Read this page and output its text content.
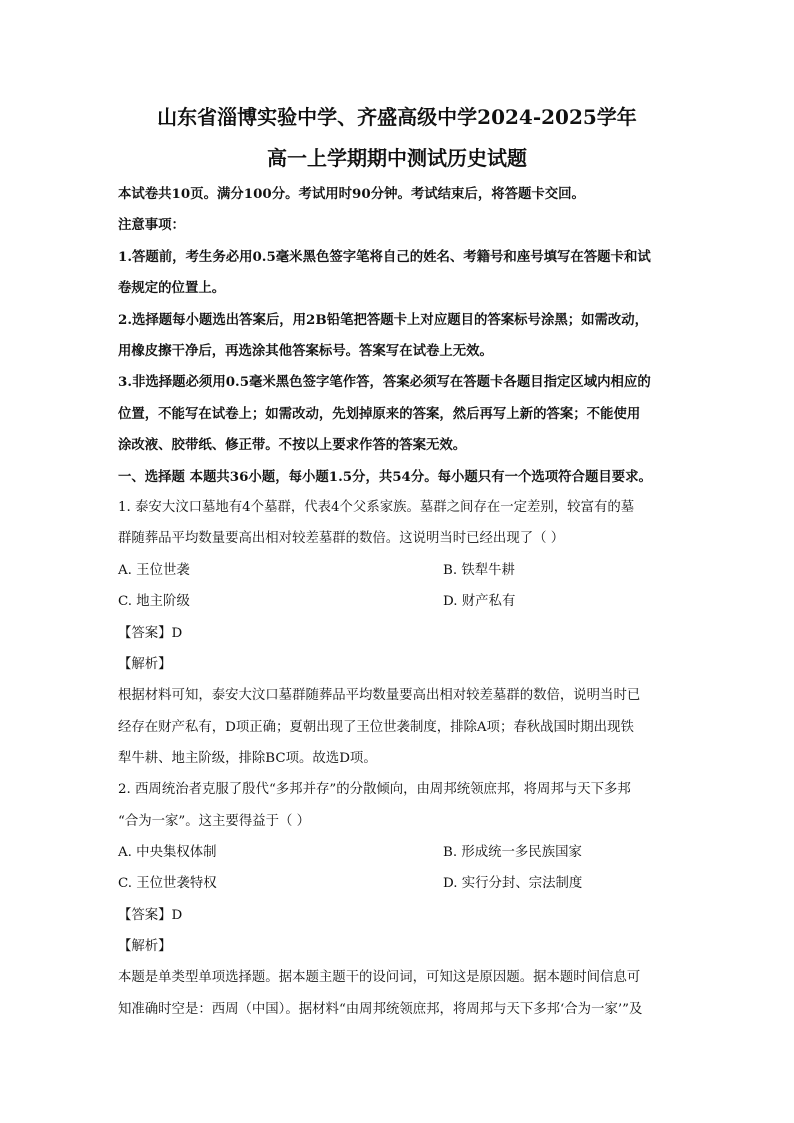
山东省淄博实验中学、齐盛高级中学2024-2025学年
高一上学期期中测试历史试题
本试卷共10页。满分100分。考试用时90分钟。考试结束后，将答题卡交回。
注意事项：
1.答题前，考生务必用0.5毫米黑色签字笔将自己的姓名、考籍号和座号填写在答题卡和试
卷规定的位置上。
2.选择题每小题选出答案后，用2B铅笔把答题卡上对应题目的答案标号涂黑；如需改动，
用橡皮擦干净后，再选涂其他答案标号。答案写在试卷上无效。
3.非选择题必须用0.5毫米黑色签字笔作答，答案必须写在答题卡各题目指定区域内相应的
位置，不能写在试卷上；如需改动，先划掉原来的答案，然后再写上新的答案；不能使用
涂改液、胶带纸、修正带。不按以上要求作答的答案无效。
一、选择题 本题共36小题，每小题1.5分，共54分。每小题只有一个选项符合题目要求。
1. 泰安大汶口墓地有4个墓群，代表4个父系家族。墓群之间存在一定差别，较富有的墓
群随葬品平均数量要高出相对较差墓群的数倍。这说明当时已经出现了（ ）
A. 王位世袭	B. 铁犁牛耕
C. 地主阶级	D. 财产私有
【答案】D
【解析】
根据材料可知，泰安大汶口墓群随葬品平均数量要高出相对较差墓群的数倍，说明当时已
经存在财产私有，D项正确；夏朝出现了王位世袭制度，排除A项；春秋战国时期出现铁
犁牛耕、地主阶级，排除BC项。故选D项。
2. 西周统治者克服了殷代“多邦并存”的分散倾向，由周邦统领庶邦，将周邦与天下多邦
“合为一家”。这主要得益于（ ）
A. 中央集权体制	B. 形成统一多民族国家
C. 王位世袭特权	D. 实行分封、宗法制度
【答案】D
【解析】
本题是单类型单项选择题。据本题主题干的设问词，可知这是原因题。据本题时间信息可
知准确时空是：西周（中国）。据材料“由周邦统领庶邦，将周邦与天下多邦‘合为一家’”及
